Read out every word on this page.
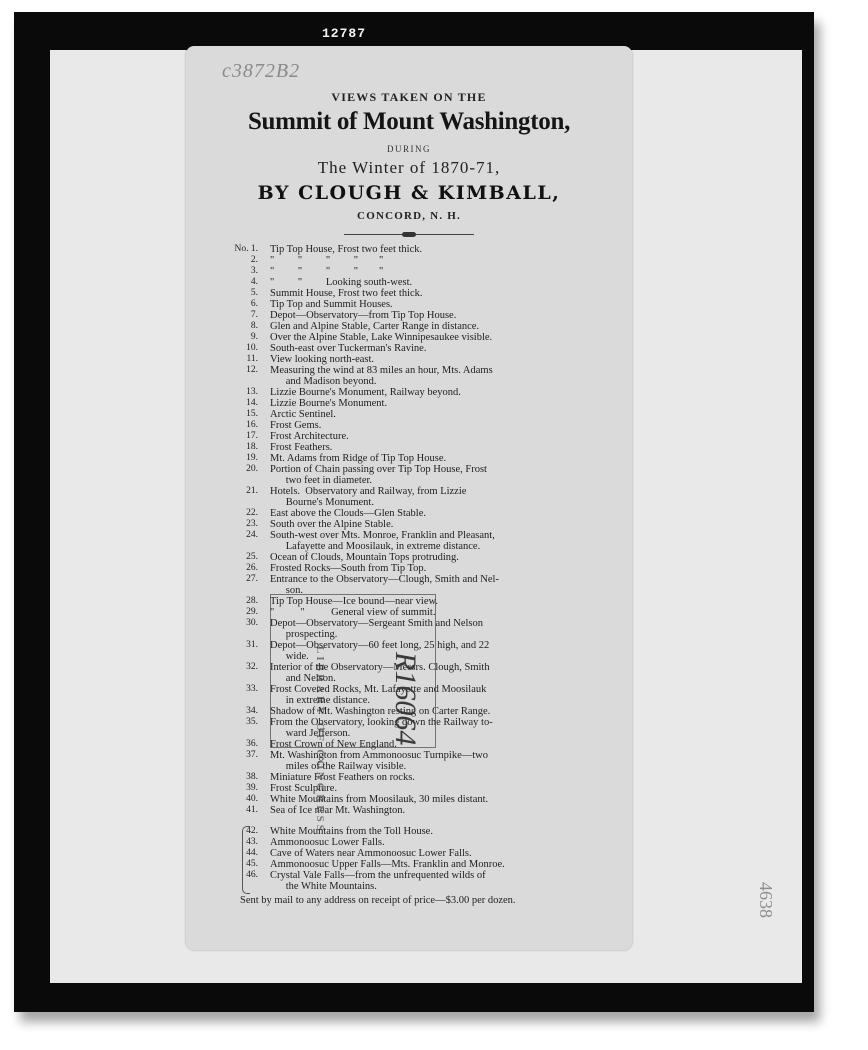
12787
c3872B2
VIEWS TAKEN ON THE
Summit of Mount Washington,
DURING
The Winter of 1870-71,
BY CLOUGH & KIMBALL,
CONCORD, N. H.
No. 1. Tip Top House, Frost two feet thick.
2. "         "         "         "        "
3. "         "         "         "        "
4. "         "         Looking south-west.
5. Summit House, Frost two feet thick.
6. Tip Top and Summit Houses.
7. Depot—Observatory—from Tip Top House.
8. Glen and Alpine Stable, Carter Range in distance.
9. Over the Alpine Stable, Lake Winnipesaukee visible.
10. South-east over Tuckerman's Ravine.
11. View looking north-east.
12. Measuring the wind at 83 miles an hour, Mts. Adams
and Madison beyond.
13. Lizzie Bourne's Monument, Railway beyond.
14. Lizzie Bourne's Monument.
15. Arctic Sentinel.
16. Frost Gems.
17. Frost Architecture.
18. Frost Feathers.
19. Mt. Adams from Ridge of Tip Top House.
20. Portion of Chain passing over Tip Top House, Frost
two feet in diameter.
21. Hotels.  Observatory and Railway, from Lizzie
Bourne's Monument.
22. East above the Clouds—Glen Stable.
23. South over the Alpine Stable.
24. South-west over Mts. Monroe, Franklin and Pleasant,
Lafayette and Moosilauk, in extreme distance.
25. Ocean of Clouds, Mountain Tops protruding.
26. Frosted Rocks—South from Tip Top.
27. Entrance to the Observatory—Clough, Smith and Nel-
son.
28. Tip Top House—Ice bound—near view.
29. "          "          General view of summit.
30. Depot—Observatory—Sergeant Smith and Nelson
prospecting.
31. Depot—Observatory—60 feet long, 25 high, and 22
wide.
32. Interior of the Observatory—Messrs. Clough, Smith
and Nelson.
33. Frost Covered Rocks, Mt. Lafayette and Moosilauk
in extreme distance.
34. Shadow of Mt. Washington resting on Carter Range.
35. From the Observatory, looking down the Railway to-
ward Jefferson.
36. Frost Crown of New England.
37. Mt. Washington from Ammonoosuc Turnpike—two
miles of the Railway visible.
38. Miniature Frost Feathers on rocks.
39. Frost Sculpture.
40. White Mountains from Moosilauk, 30 miles distant.
41. Sea of Ice near Mt. Washington.
42. White Mountains from the Toll House.
43. Ammonoosuc Lower Falls.
44. Cave of Waters near Ammonoosuc Lower Falls.
45. Ammonoosuc Upper Falls—Mts. Franklin and Monroe.
46. Crystal Vale Falls—from the unfrequented wilds of
the White Mountains.
LIBRARY OF CONGRESS R16064
4638
Sent by mail to any address on receipt of price—$3.00 per dozen.
